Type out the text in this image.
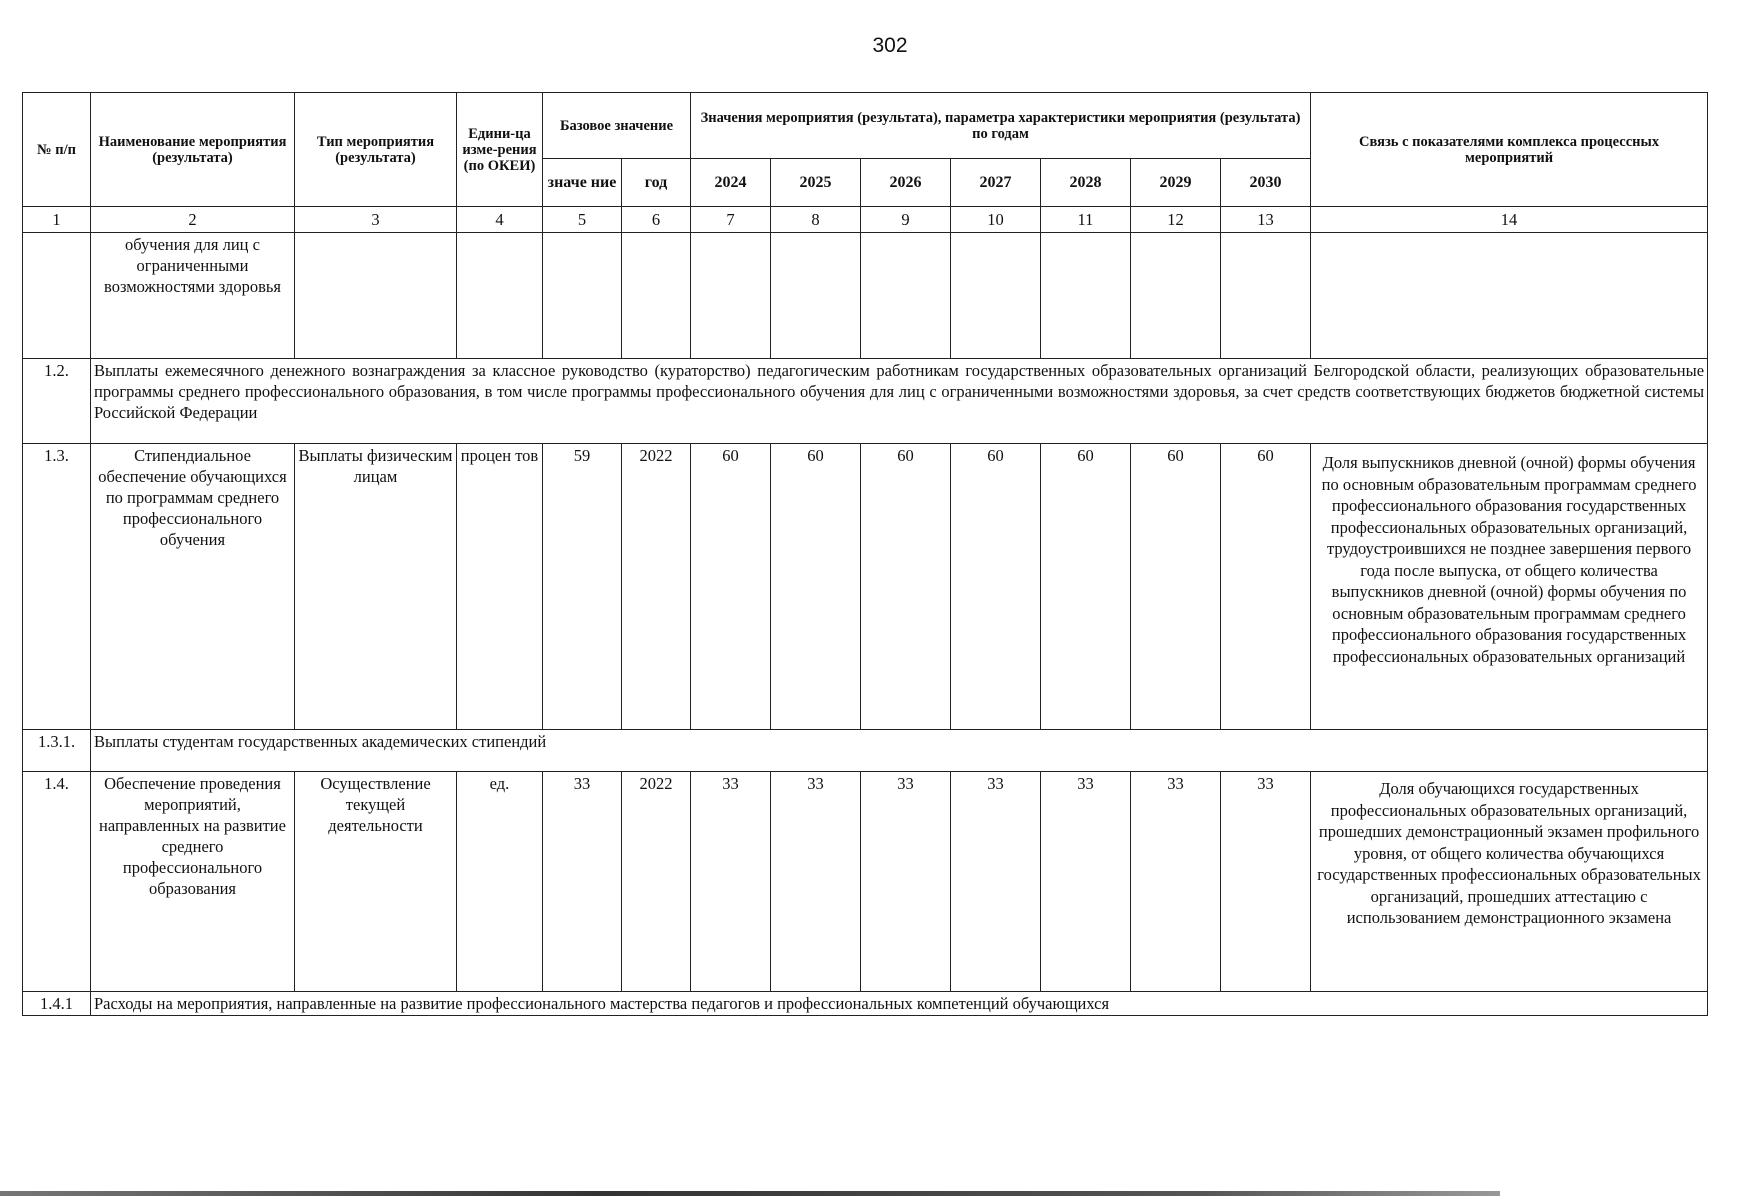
302
№ п/п	Наименование мероприятия (результата)	Тип мероприятия (результата)	Едини-ца изме-рения (по ОКЕИ)	Базовое значение		Значения мероприятия (результата), параметра характеристики мероприятия (результата) по годам							Связь с показателями комплекса процессных мероприятий
				значе ние	год	2024	2025	2026	2027	2028	2029	2030	
1	2	3	4	5	6	7	8	9	10	11	12	13	14
	обучения для лиц с ограниченными возможностями здоровья												
1.2.	Выплаты ежемесячного денежного вознаграждения за классное руководство (кураторство) педагогическим работникам государственных образовательных организаций Белгородской области, реализующих образовательные программы среднего профессионального образования, в том числе программы профессионального обучения для лиц с ограниченными возможностями здоровья, за счет средств соответствующих бюджетов бюджетной системы Российской Федерации												
1.3.	Стипендиальное обеспечение обучающихся по программам среднего профессионального обучения	Выплаты физическим лицам	процен тов	59	2022	60	60	60	60	60	60	60	Доля выпускников дневной (очной) формы обучения по основным образовательным программам среднего профессионального образования государственных профессиональных образовательных организаций, трудоустроившихся не позднее завершения первого года после выпуска, от общего количества выпускников дневной (очной) формы обучения по основным образовательным программам среднего профессионального образования государственных профессиональных образовательных организаций
1.3.1.	Выплаты студентам государственных академических стипендий												
1.4.	Обеспечение проведения мероприятий, направленных на развитие среднего профессионального образования	Осуществление текущей деятельности	ед.	33	2022	33	33	33	33	33	33	33	Доля обучающихся государственных профессиональных образовательных организаций, прошедших демонстрационный экзамен профильного уровня, от общего количества обучающихся государственных профессиональных образовательных организаций, прошедших аттестацию с использованием демонстрационного экзамена
1.4.1	Расходы на мероприятия, направленные на развитие профессионального мастерства педагогов и профессиональных компетенций обучающихся												
